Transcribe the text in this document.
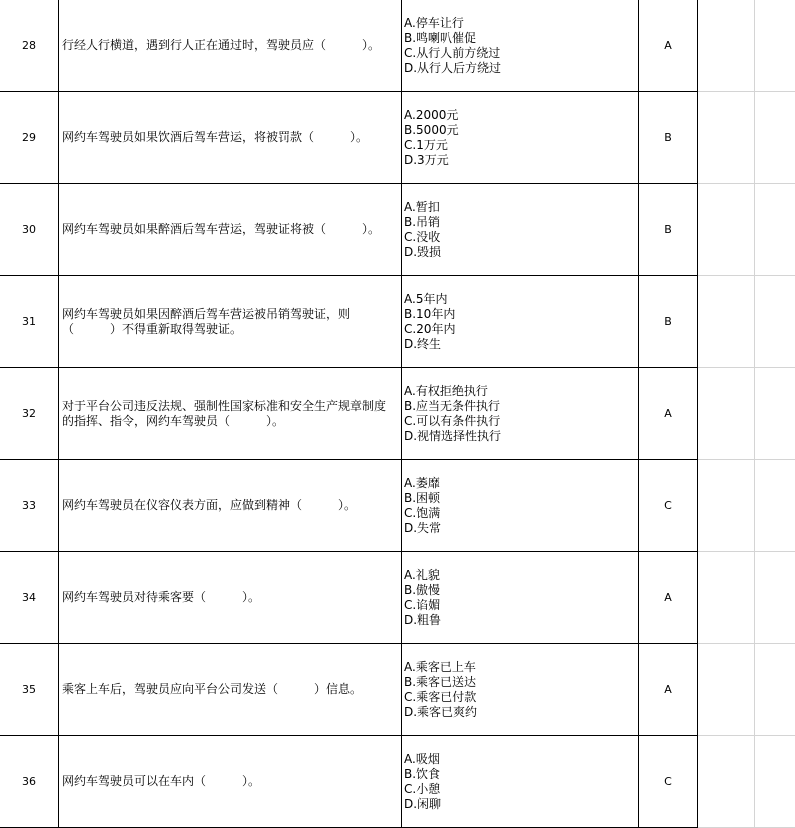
28 行经人行横道，遇到行人正在通过时，驾驶员应（　　　）。
A.停车让行
B.鸣喇叭催促
C.从行人前方绕过
D.从行人后方绕过
A
29 网约车驾驶员如果饮酒后驾车营运，将被罚款（　　　）。
A.2000元
B.5000元
C.1万元
D.3万元
B
30 网约车驾驶员如果醉酒后驾车营运，驾驶证将被（　　　）。
A.暂扣
B.吊销
C.没收
D.毁损
B
31
网约车驾驶员如果因醉酒后驾车营运被吊销驾驶证，则（　　　）不得重新取得驾驶证。
A.5年内
B.10年内
C.20年内
D.终生
B
32
对于平台公司违反法规、强制性国家标准和安全生产规章制度的指挥、指令，网约车驾驶员（　　　）。
A.有权拒绝执行
B.应当无条件执行
C.可以有条件执行
D.视情选择性执行
A
33 网约车驾驶员在仪容仪表方面，应做到精神（　　　）。
A.萎靡
B.困顿
C.饱满
D.失常
C
34 网约车驾驶员对待乘客要（　　　）。
A.礼貌
B.傲慢
C.谄媚
D.粗鲁
A
35 乘客上车后，驾驶员应向平台公司发送（　　　）信息。
A.乘客已上车
B.乘客已送达
C.乘客已付款
D.乘客已爽约
A
36 网约车驾驶员可以在车内（　　　）。
A.吸烟
B.饮食
C.小憩
D.闲聊
C
